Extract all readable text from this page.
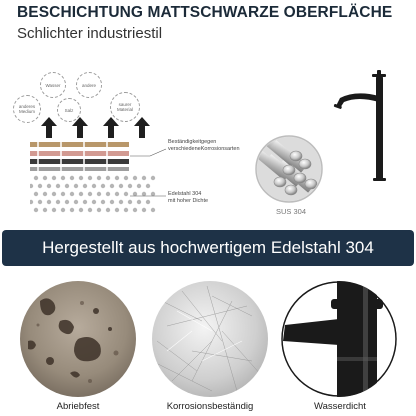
BESCHICHTUNG MATTSCHWARZE OBERFLÄCHE
Schlichter industriestil
Wasser	andere
anderes Medium	Salz
saurer Material
Beständigkeitgegen
verschiedeneKorrosionsarten
Edelstahl 304
mit hoher Dichte
SUS 304
Hergestellt aus hochwertigem Edelstahl 304
Abriebfest	Korrosionsbeständig	Wasserdicht
